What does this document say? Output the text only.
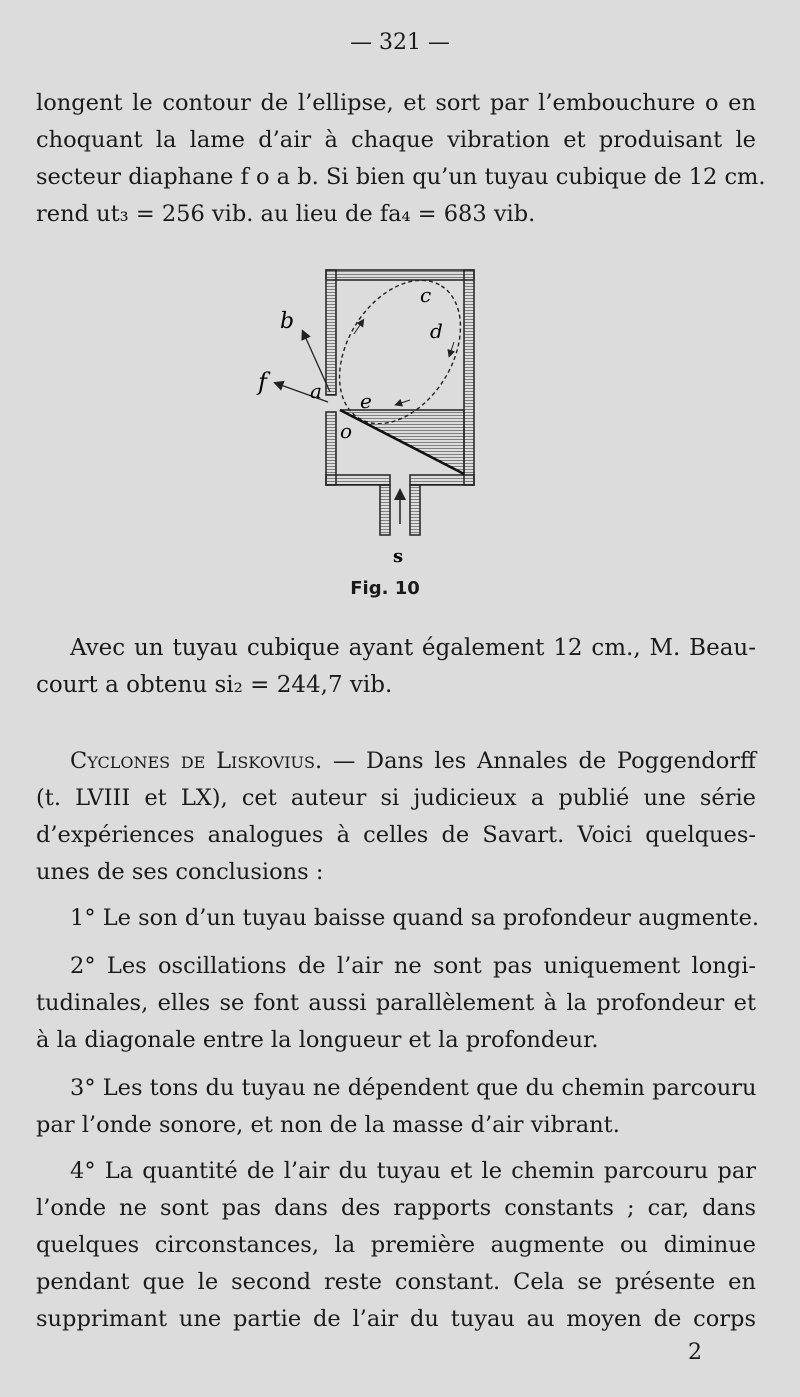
— 321 —
longent le contour de l’ellipse, et sort par l’embouchure o en
choquant la lame d’air à chaque vibration et produisant le
secteur diaphane f o a b. Si bien qu’un tuyau cubique de 12 cm.
rend ut₃ = 256 vib. au lieu de fa₄ = 683 vib.
c
d
b
f a e
o
s
Fig. 10
Avec un tuyau cubique ayant également 12 cm., M. Beau-
court a obtenu si₂ = 244,7 vib.
Cyclones de Liskovius. — Dans les Annales de Poggendorff
(t. LVIII et LX), cet auteur si judicieux a publié une série
d’expériences analogues à celles de Savart. Voici quelques-
unes de ses conclusions :
1° Le son d’un tuyau baisse quand sa profondeur augmente.
2° Les oscillations de l’air ne sont pas uniquement longi-
tudinales, elles se font aussi parallèlement à la profondeur et
à la diagonale entre la longueur et la profondeur.
3° Les tons du tuyau ne dépendent que du chemin parcouru
par l’onde sonore, et non de la masse d’air vibrant.
4° La quantité de l’air du tuyau et le chemin parcouru par
l’onde ne sont pas dans des rapports constants ; car, dans
quelques circonstances, la première augmente ou diminue
pendant que le second reste constant. Cela se présente en
supprimant une partie de l’air du tuyau au moyen de corps
2
